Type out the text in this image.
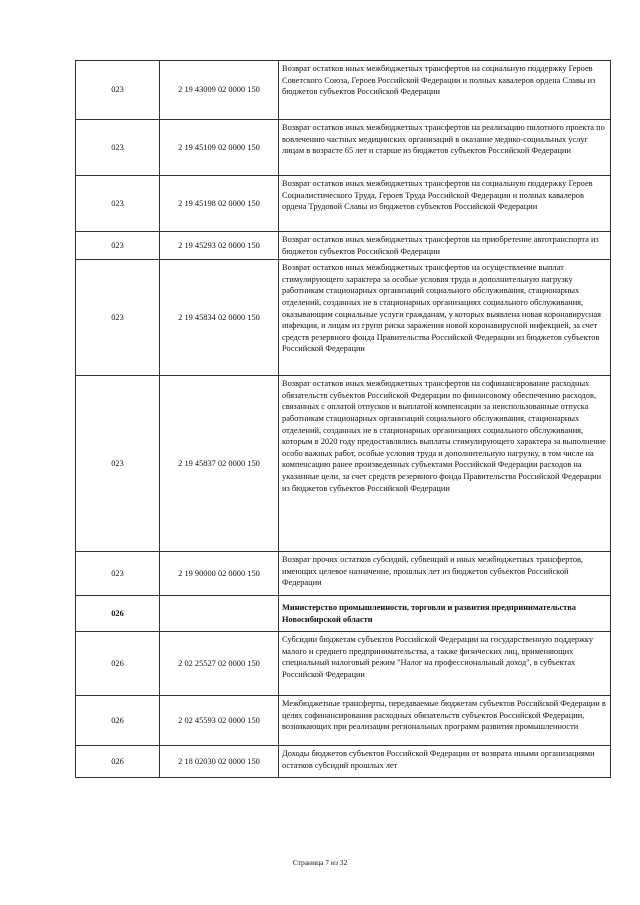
023	2 19 43009 02 0000 150	Возврат остатков иных межбюджетных трансфертов на социальную поддержку Героев Советского Союза, Героев Российской Федерации и полных кавалеров ордена Славы из бюджетов субъектов Российской Федерации
023	2 19 45109 02 0000 150	Возврат остатков иных межбюджетных трансфертов на реализацию пилотного проекта по вовлечению частных медицинских организаций в оказание медико-социальных услуг лицам в возрасте 65 лет и старше из бюджетов субъектов Российской Федерации
023	2 19 45198 02 0000 150	Возврат остатков иных межбюджетных трансфертов на социальную поддержку Героев Социалистического Труда, Героев Труда Российской Федерации и полных кавалеров ордена Трудовой Славы из бюджетов субъектов Российской Федерации
023	2 19 45293 02 0000 150	Возврат остатков иных межбюджетных трансфертов на приобретение автотранспорта из бюджетов субъектов Российской Федерации
023	2 19 45834 02 0000 150	Возврат остатков иных межбюджетных трансфертов на осуществление выплат стимулирующего характера за особые условия труда и дополнительную нагрузку работникам стационарных организаций социального обслуживания, стационарных отделений, созданных не в стационарных организациях социального обслуживания, оказывающим социальные услуги гражданам, у которых выявлена новая коронавирусная инфекция, и лицам из групп риска заражения новой коронавирусной инфекцией, за счет средств резервного фонда Правительства Российской Федерации из бюджетов субъектов Российской Федерации
023	2 19 45837 02 0000 150	Возврат остатков иных межбюджетных трансфертов на софинансирование расходных обязательств субъектов Российской Федерации по финансовому обеспечению расходов, связанных с оплатой отпусков и выплатой компенсации за неиспользованные отпуска работникам стационарных организаций социального обслуживания, стационарных отделений, созданных не в стационарных организациях социального обслуживания, которым в 2020 году предоставлялись выплаты стимулирующего характера за выполнение особо важных работ, особые условия труда и дополнительную нагрузку, в том числе на компенсацию ранее произведенных субъектами Российской Федерации расходов на указанные цели, за счет средств резервного фонда Правительства Российской Федерации из бюджетов субъектов Российской Федерации
023	2 19 90000 02 0000 150	Возврат прочих остатков субсидий, субвенций и иных межбюджетных трансфертов, имеющих целевое назначение, прошлых лет из бюджетов субъектов Российской Федерации
026		Министерство промышленности, торговли и развития предпринимательства Новосибирской области
026	2 02 25527 02 0000 150	Субсидии бюджетам субъектов Российской Федерации на государственную поддержку малого и среднего предпринимательства, а также физических лиц, применяющих специальный налоговый режим "Налог на профессиональный доход", в субъектах Российской Федерации
026	2 02 45593 02 0000 150	Межбюджетные трансферты, передаваемые бюджетам субъектов Российской Федерации в целях софинансирования расходных обязательств субъектов Российской Федерации, возникающих при реализации региональных программ развития промышленности
026	2 18 02030 02 0000 150	Доходы бюджетов субъектов Российской Федерации от возврата иными организациями остатков субсидий прошлых лет
Страница 7 из 32
